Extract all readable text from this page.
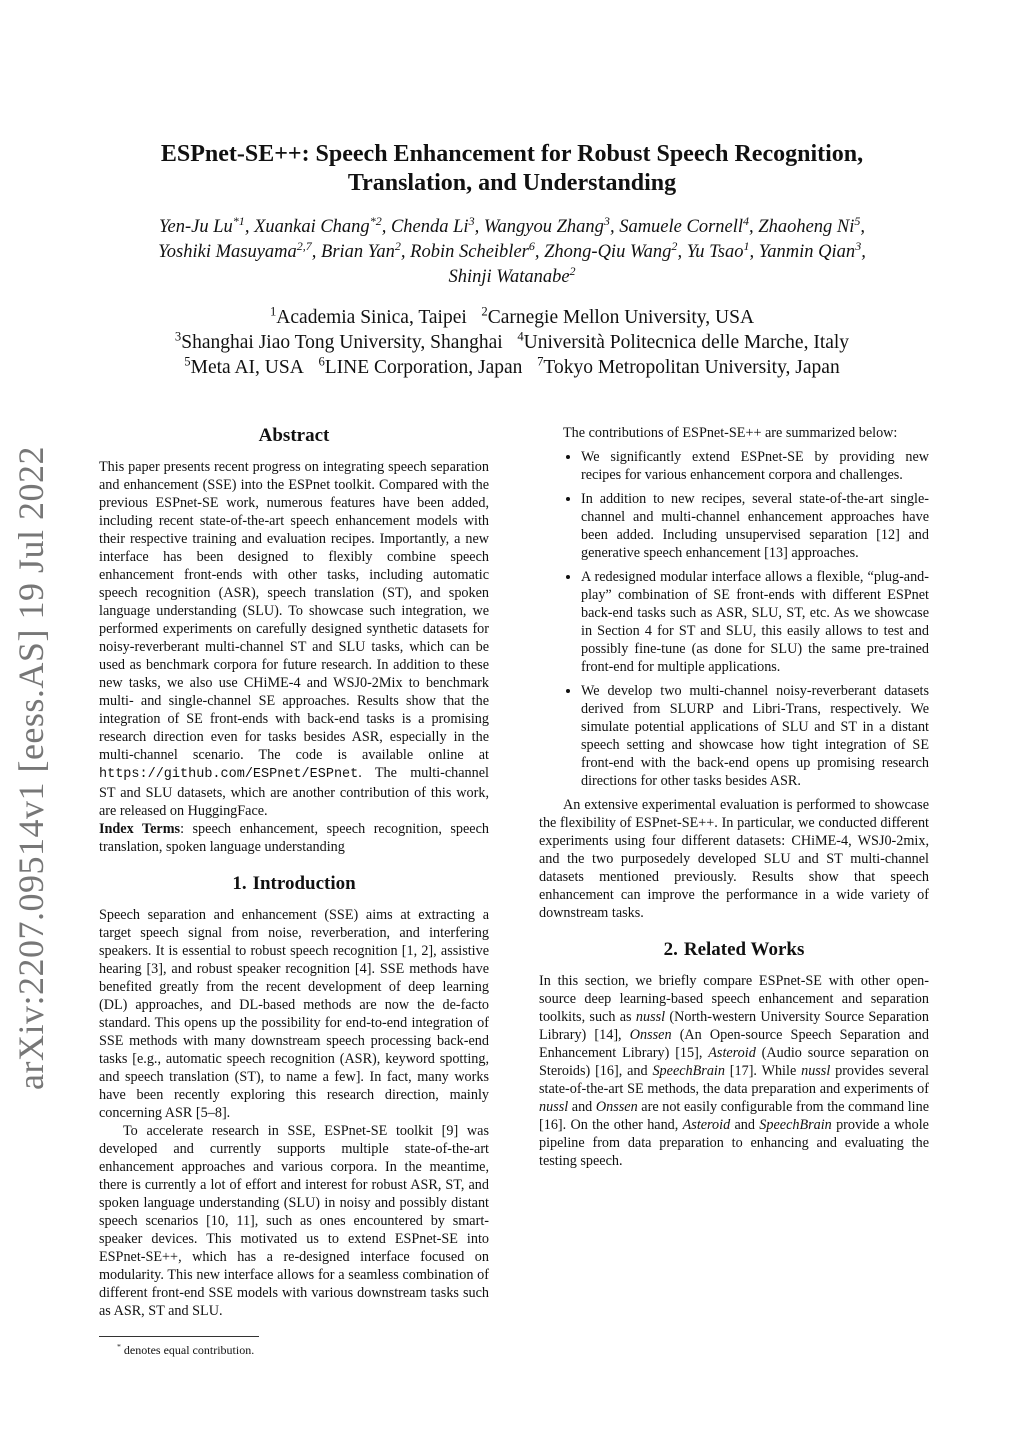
arXiv:2207.09514v1 [eess.AS] 19 Jul 2022
ESPnet-SE++: Speech Enhancement for Robust Speech Recognition,
Translation, and Understanding
Yen-Ju Lu$^{*1}$, Xuankai Chang$^{*2}$, Chenda Li$^3$, Wangyou Zhang$^3$, Samuele Cornell$^4$, Zhaoheng Ni$^5$,
Yoshiki Masuyama$^{2,7}$, Brian Yan$^2$, Robin Scheibler$^6$, Zhong-Qiu Wang$^2$, Yu Tsao$^1$, Yanmin Qian$^3$,
Shinji Watanabe$^2$
$^1$Academia Sinica, Taipei $^2$Carnegie Mellon University, USA
$^3$Shanghai Jiao Tong University, Shanghai $^4$Università Politecnica delle Marche, Italy
$^5$Meta AI, USA $^6$LINE Corporation, Japan $^7$Tokyo Metropolitan University, Japan
Abstract

This paper presents recent progress on integrating speech separation and enhancement (SSE) into the ESPnet toolkit. Compared with the previous ESPnet-SE work, numerous features have been added, including recent state-of-the-art speech enhancement models with their respective training and evaluation recipes. Importantly, a new interface has been designed to flexibly combine speech enhancement front-ends with other tasks, including automatic speech recognition (ASR), speech translation (ST), and spoken language understanding (SLU). To showcase such integration, we performed experiments on carefully designed synthetic datasets for noisy-reverberant multi-channel ST and SLU tasks, which can be used as benchmark corpora for future research. In addition to these new tasks, we also use CHiME-4 and WSJ0-2Mix to benchmark multi- and single-channel SE approaches. Results show that the integration of SE front-ends with back-end tasks is a promising research direction even for tasks besides ASR, especially in the multi-channel scenario. The code is available online at https://github.com/ESPnet/ESPnet. The multi-channel ST and SLU datasets, which are another contribution of this work, are released on HuggingFace.

Index Terms: speech enhancement, speech recognition, speech translation, spoken language understanding

1. Introduction

Speech separation and enhancement (SSE) aims at extracting a target speech signal from noise, reverberation, and interfering speakers. It is essential to robust speech recognition [1, 2], assistive hearing [3], and robust speaker recognition [4]. SSE methods have benefited greatly from the recent development of deep learning (DL) approaches, and DL-based methods are now the de-facto standard. This opens up the possibility for end-to-end integration of SSE methods with many downstream speech processing back-end tasks [e.g., automatic speech recognition (ASR), keyword spotting, and speech translation (ST), to name a few]. In fact, many works have been recently exploring this research direction, mainly concerning ASR [5–8].

To accelerate research in SSE, ESPnet-SE toolkit [9] was developed and currently supports multiple state-of-the-art enhancement approaches and various corpora. In the meantime, there is currently a lot of effort and interest for robust ASR, ST, and spoken language understanding (SLU) in noisy and possibly distant speech scenarios [10, 11], such as ones encountered by smart-speaker devices. This motivated us to extend ESPnet-SE into ESPnet-SE++, which has a re-designed interface focused on modularity. This new interface allows for a seamless combination of different front-end SSE models with various downstream tasks such as ASR, ST and SLU.

* denotes equal contribution.

The contributions of ESPnet-SE++ are summarized below:

• We significantly extend ESPnet-SE by providing new recipes for various enhancement corpora and challenges.
• In addition to new recipes, several state-of-the-art single-channel and multi-channel enhancement approaches have been added. Including unsupervised separation [12] and generative speech enhancement [13] approaches.
• A redesigned modular interface allows a flexible, “plug-and-play” combination of SE front-ends with different ESPnet back-end tasks such as ASR, SLU, ST, etc. As we showcase in Section 4 for ST and SLU, this easily allows to test and possibly fine-tune (as done for SLU) the same pre-trained front-end for multiple applications.
• We develop two multi-channel noisy-reverberant datasets derived from SLURP and Libri-Trans, respectively. We simulate potential applications of SLU and ST in a distant speech setting and showcase how tight integration of SE front-end with the back-end opens up promising research directions for other tasks besides ASR.

An extensive experimental evaluation is performed to showcase the flexibility of ESPnet-SE++. In particular, we conducted different experiments using four different datasets: CHiME-4, WSJ0-2mix, and the two purposedely developed SLU and ST multi-channel datasets mentioned previously. Results show that speech enhancement can improve the performance in a wide variety of downstream tasks.

2. Related Works

In this section, we briefly compare ESPnet-SE with other open-source deep learning-based speech enhancement and separation toolkits, such as nussl (North-western University Source Separation Library) [14], Onssen (An Open-source Speech Separation and Enhancement Library) [15], Asteroid (Audio source separation on Steroids) [16], and SpeechBrain [17]. While nussl provides several state-of-the-art SE methods, the data preparation and experiments of nussl and Onssen are not easily configurable from the command line [16]. On the other hand, Asteroid and SpeechBrain provide a whole pipeline from data preparation to enhancing and evaluating the testing speech.
